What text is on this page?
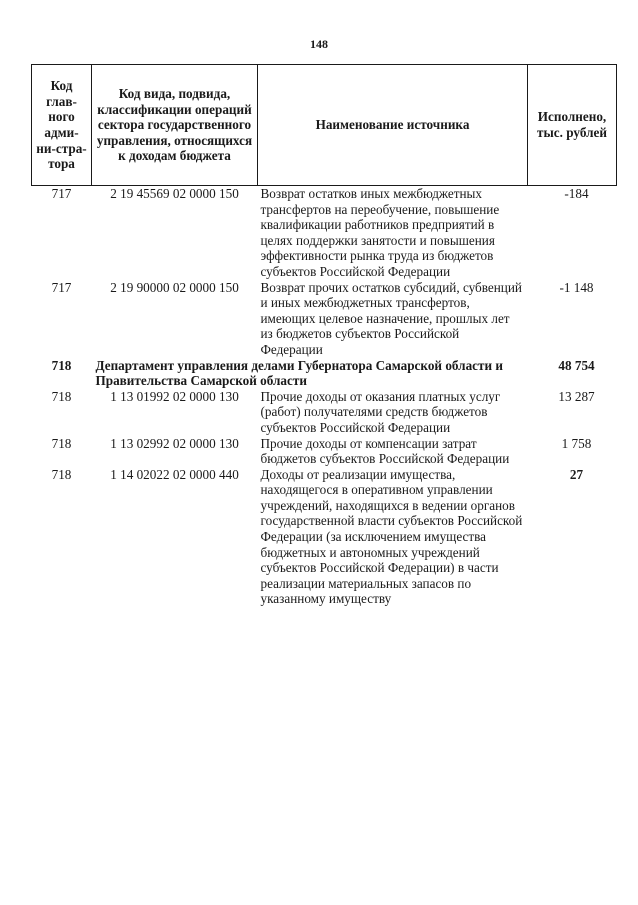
148
Код глав-ного адми-ни-стра-тора	Код вида, подвида, классификации операций сектора государственного управления, относящихся к доходам бюджета	Наименование источника	Исполнено, тыс. рублей
717	2 19 45569 02 0000 150	Возврат остатков иных межбюджетных трансфертов на переобучение, повышение квалификации работников предприятий в целях поддержки занятости и повышения эффективности рынка труда из бюджетов субъектов Российской Федерации	-184
717	2 19 90000 02 0000 150	Возврат прочих остатков субсидий, субвенций и иных межбюджетных трансфертов, имеющих целевое назначение, прошлых лет из бюджетов субъектов Российской Федерации	-1 148
718	Департамент управления делами Губернатора Самарской области и Правительства Самарской области		48 754
718	1 13 01992 02 0000 130	Прочие доходы от оказания платных услуг (работ) получателями средств бюджетов субъектов Российской Федерации	13 287
718	1 13 02992 02 0000 130	Прочие доходы от компенсации затрат бюджетов субъектов Российской Федерации	1 758
718	1 14 02022 02 0000 440	Доходы от реализации имущества, находящегося в оперативном управлении учреждений, находящихся в ведении органов государственной власти субъектов Российской Федерации (за исключением имущества бюджетных и автономных учреждений субъектов Российской Федерации) в части реализации материальных запасов по указанному имуществу	27
